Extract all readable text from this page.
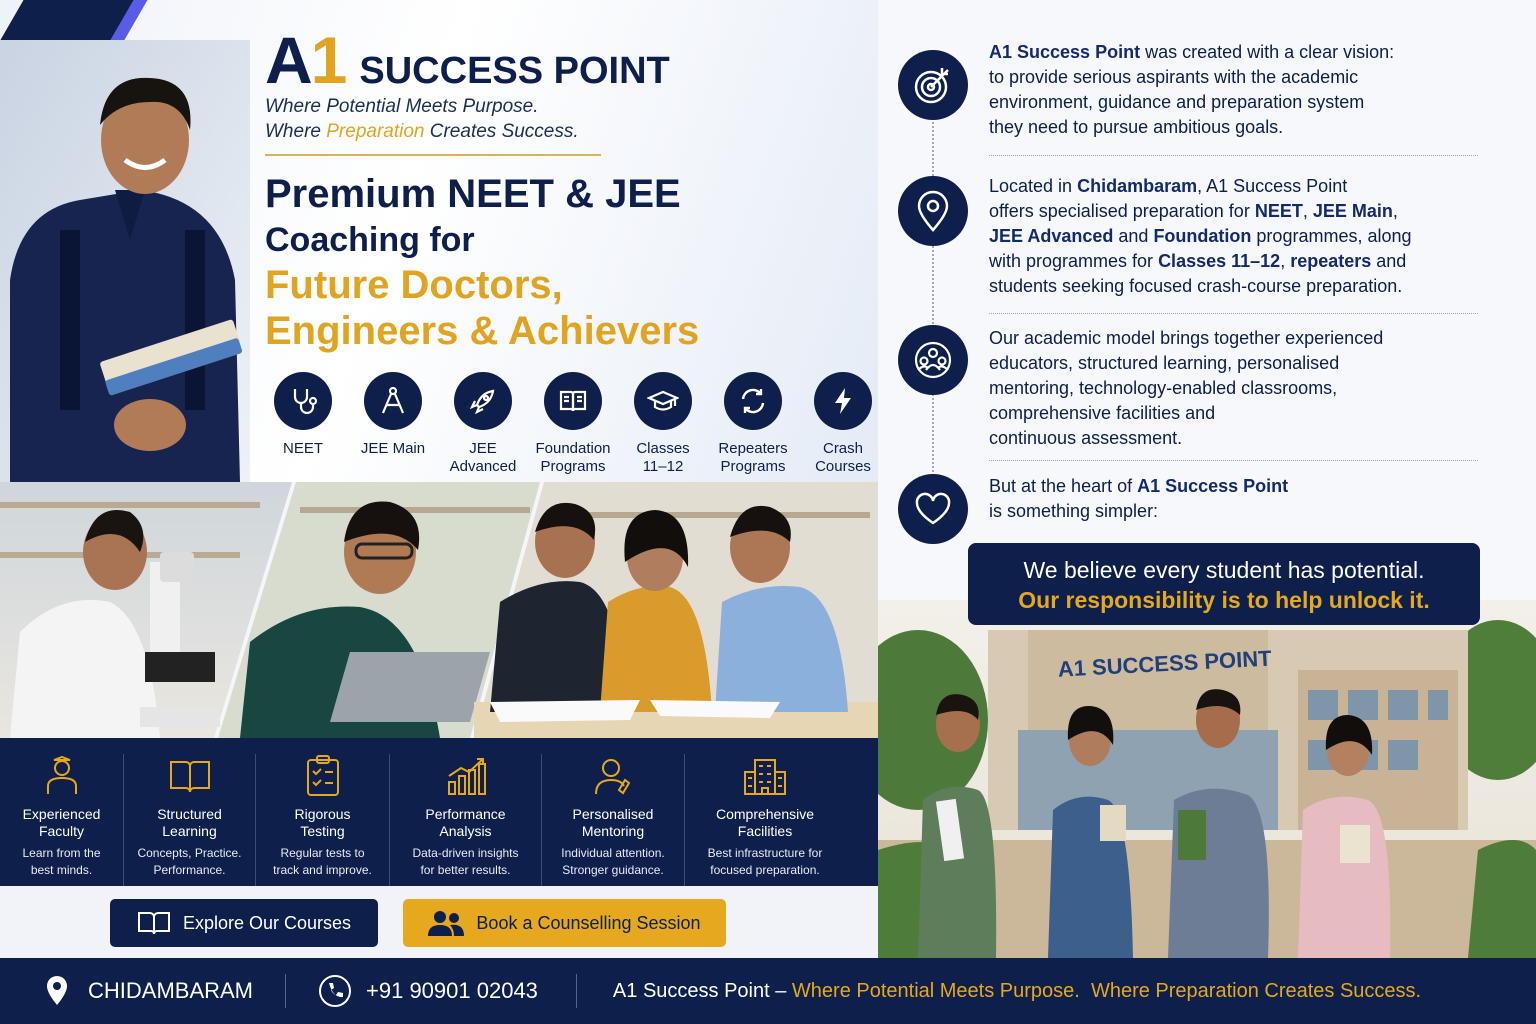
A1 SUCCESS POINT
Where Potential Meets Purpose.
Where Preparation Creates Success.
Premium NEET & JEE
Coaching for
Future Doctors,
Engineers & Achievers
NEET	JEE Main	JEE
Advanced
Foundation
Programs
Classes
11–12
Repeaters
Programs
Crash
Courses
Experienced
Faculty
Learn from the
best minds.
Structured
Learning
Concepts, Practice.
Performance.
Rigorous
Testing
Regular tests to
track and improve.
Performance
Analysis
Data-driven insights
for better results.
Personalised
Mentoring
Individual attention.
Stronger guidance.
Comprehensive
Facilities
Best infrastructure for
focused preparation.
Explore Our Courses	Book a Counselling Session
A1 Success Point was created with a clear vision:
to provide serious aspirants with the academic
environment, guidance and preparation system
they need to pursue ambitious goals.
Located in Chidambaram, A1 Success Point
offers specialised preparation for NEET, JEE Main,
JEE Advanced and Foundation programmes, along
with programmes for Classes 11–12, repeaters and
students seeking focused crash-course preparation.
Our academic model brings together experienced
educators, structured learning, personalised
mentoring, technology-enabled classrooms,
comprehensive facilities and
continuous assessment.
But at the heart of A1 Success Point
is something simpler:
A1 SUCCESS POINT
We believe every student has potential.
Our responsibility is to help unlock it.
CHIDAMBARAM	+91 90901 02043	A1 Success Point – Where Potential Meets Purpose.  Where Preparation Creates Success.
